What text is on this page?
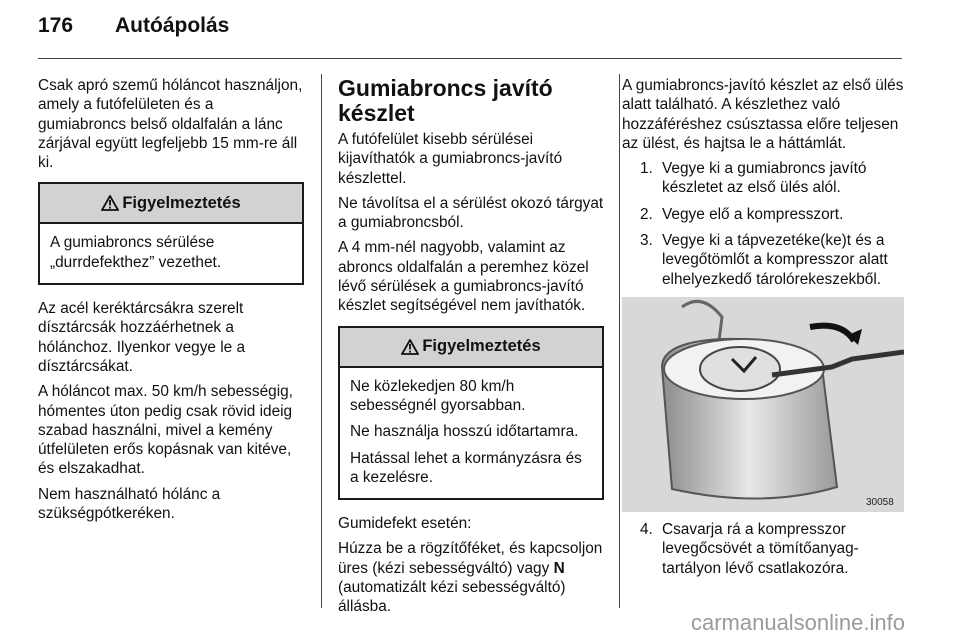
176 Autóápolás

Csak apró szemű hóláncot használjon, amely a futófelületen és a gumiabroncs belső oldalfalán a lánc zárjával együtt legfeljebb 15 mm-re áll ki.

Figyelmeztetés

A gumiabroncs sérülése „durrdefekthez” vezethet.

Az acél keréktárcsákra szerelt dísztárcsák hozzáérhetnek a hólánchoz. Ilyenkor vegye le a dísztárcsákat.

A hóláncot max. 50 km/h sebességig, hómentes úton pedig csak rövid ideig szabad használni, mivel a kemény útfelületen erős kopásnak van kitéve, és elszakadhat.

Nem használható hólánc a szükségpótkeréken.

Gumiabroncs javító készlet

A futófelület kisebb sérülései kijavíthatók a gumiabroncs-javító készlettel.

Ne távolítsa el a sérülést okozó tárgyat a gumiabroncsból.

A 4 mm-nél nagyobb, valamint az abroncs oldalfalán a peremhez közel lévő sérülések a gumiabroncs-javító készlet segítségével nem javíthatók.

Figyelmeztetés

Ne közlekedjen 80 km/h sebességnél gyorsabban.

Ne használja hosszú időtartamra.

Hatással lehet a kormányzásra és a kezelésre.

Gumidefekt esetén:

Húzza be a rögzítőféket, és kapcsoljon üres (kézi sebességváltó) vagy N (automatizált kézi sebességváltó) állásba.

A gumiabroncs-javító készlet az első ülés alatt található. A készlethez való hozzáféréshez csúsztassa előre teljesen az ülést, és hajtsa le a háttámlát.

1. Vegye ki a gumiabroncs javító készletet az első ülés alól.
2. Vegye elő a kompresszort.
3. Vegye ki a tápvezetéke(ke)t és a levegőtömlőt a kompresszor alatt elhelyezkedő tárolórekeszekből.
30058
4. Csavarja rá a kompresszor levegőcsövét a tömítőanyag-tartályon lévő csatlakozóra.
carmanualsonline.info
